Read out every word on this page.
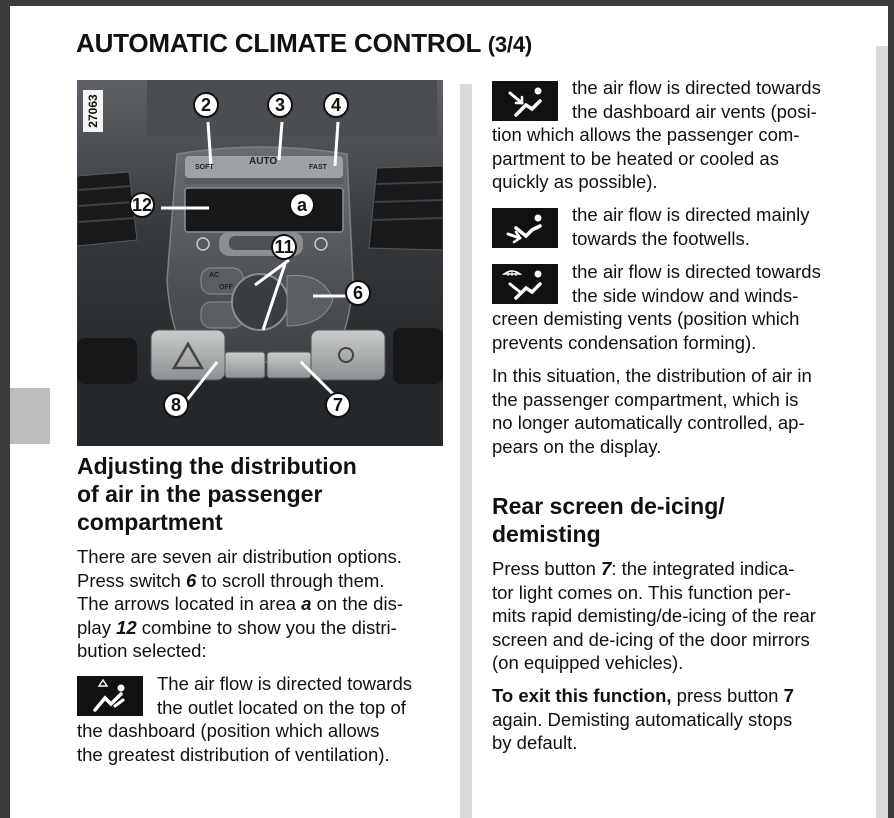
AUTOMATIC CLIMATE CONTROL (3/4)
2	3	4
12	a
11
6
8	7
SOFT
AUTO
FAST
AC
OFF
27063
Adjusting the distribution
of air in the passenger
compartment
There are seven air distribution options.
Press switch 6 to scroll through them.
The arrows located in area a on the dis-
play 12 combine to show you the distri-
bution selected:
The air flow is directed towards
the outlet located on the top of
the dashboard (position which allows
the greatest distribution of ventilation).
the air flow is directed towards
the dashboard air vents (posi-
tion which allows the passenger com-
partment to be heated or cooled as
quickly as possible).
the air flow is directed mainly
towards the footwells.
the air flow is directed towards
the side window and winds-
creen demisting vents (position which
prevents condensation forming).
In this situation, the distribution of air in
the passenger compartment, which is
no longer automatically controlled, ap-
pears on the display.
Rear screen de-icing/
demisting
Press button 7: the integrated indica-
tor light comes on. This function per-
mits rapid demisting/de-icing of the rear
screen and de-icing of the door mirrors
(on equipped vehicles).
To exit this function, press button 7
again. Demisting automatically stops
by default.
